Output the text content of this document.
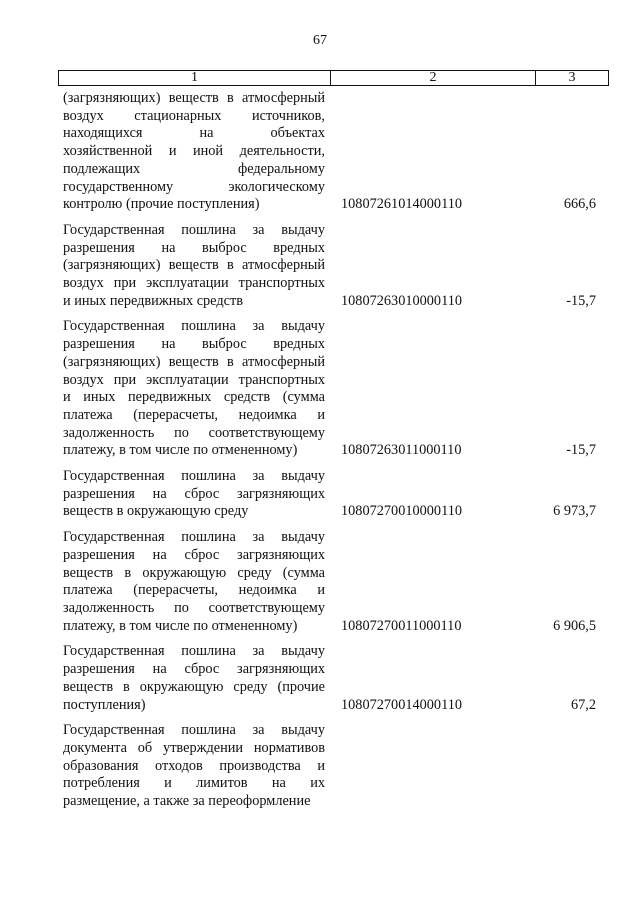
67
1	2	3
(загрязняющих) веществ в атмосферный
воздух стационарных источников,
находящихся на объектах
хозяйственной и иной деятельности,
подлежащих федеральному
государственному экологическому
контролю (прочие поступления)	10807261014000110	666,6
Государственная пошлина за выдачу
разрешения на выброс вредных
(загрязняющих) веществ в атмосферный
воздух при эксплуатации транспортных
и иных передвижных средств	10807263010000110	-15,7
Государственная пошлина за выдачу
разрешения на выброс вредных
(загрязняющих) веществ в атмосферный
воздух при эксплуатации транспортных
и иных передвижных средств (сумма
платежа (перерасчеты, недоимка и
задолженность по соответствующему
платежу, в том числе по отмененному)	10807263011000110	-15,7
Государственная пошлина за выдачу
разрешения на сброс загрязняющих
веществ в окружающую среду	10807270010000110	6 973,7
Государственная пошлина за выдачу
разрешения на сброс загрязняющих
веществ в окружающую среду (сумма
платежа (перерасчеты, недоимка и
задолженность по соответствующему
платежу, в том числе по отмененному)	10807270011000110	6 906,5
Государственная пошлина за выдачу
разрешения на сброс загрязняющих
веществ в окружающую среду (прочие
поступления)	10807270014000110	67,2
Государственная пошлина за выдачу
документа об утверждении нормативов
образования отходов производства и
потребления и лимитов на их
размещение, а также за переоформление
